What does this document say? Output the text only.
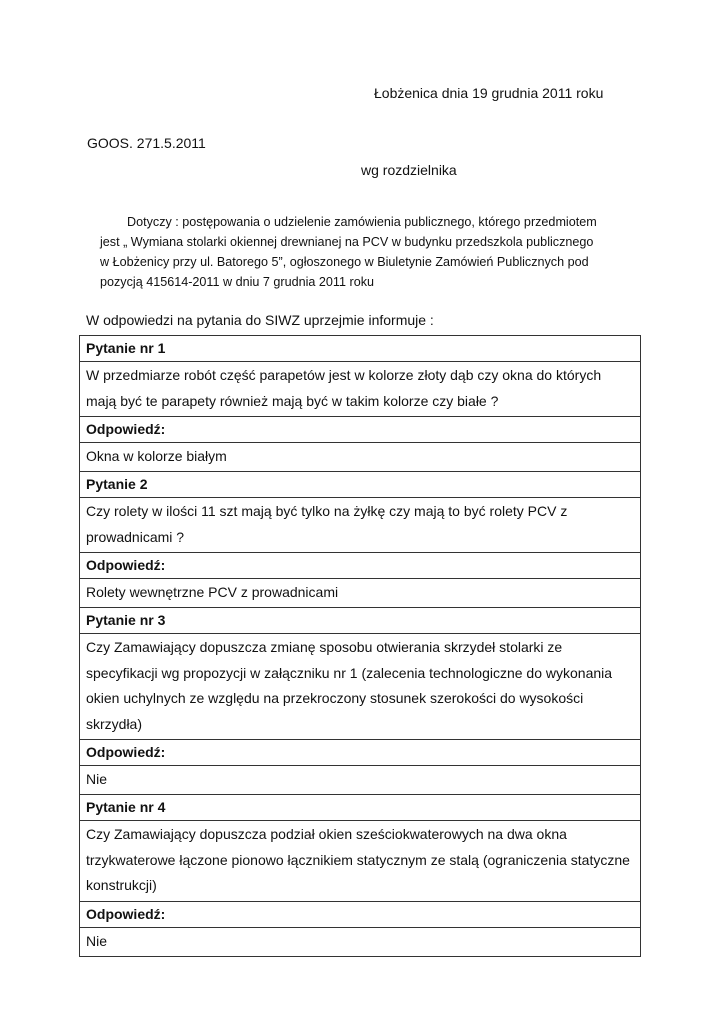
Łobżenica dnia 19 grudnia 2011 roku
GOOS. 271.5.2011
wg rozdzielnika
Dotyczy : postępowania o udzielenie zamówienia publicznego, którego przedmiotem
jest „ Wymiana stolarki okiennej drewnianej na PCV w budynku przedszkola publicznego
w Łobżenicy przy ul. Batorego 5”, ogłoszonego w Biuletynie Zamówień Publicznych pod
pozycją 415614-2011 w dniu 7 grudnia 2011 roku
W odpowiedzi na pytania do SIWZ uprzejmie informuje :
Pytanie nr 1
W przedmiarze robót część parapetów jest w kolorze złoty dąb czy okna do których mają być te parapety również mają być w takim kolorze czy białe ?
Odpowiedź:
Okna w kolorze białym
Pytanie 2
Czy rolety w ilości 11 szt mają być tylko na żyłkę czy mają to być rolety PCV z prowadnicami ?
Odpowiedź:
Rolety wewnętrzne PCV z prowadnicami
Pytanie nr 3
Czy Zamawiający dopuszcza zmianę sposobu otwierania skrzydeł stolarki ze specyfikacji wg propozycji w załączniku nr 1 (zalecenia technologiczne do wykonania okien uchylnych ze względu na przekroczony stosunek szerokości do wysokości skrzydła)
Odpowiedź:
Nie
Pytanie nr 4
Czy Zamawiający dopuszcza podział okien sześciokwaterowych na dwa okna trzykwaterowe łączone pionowo łącznikiem statycznym ze stalą (ograniczenia statyczne konstrukcji)
Odpowiedź:
Nie
